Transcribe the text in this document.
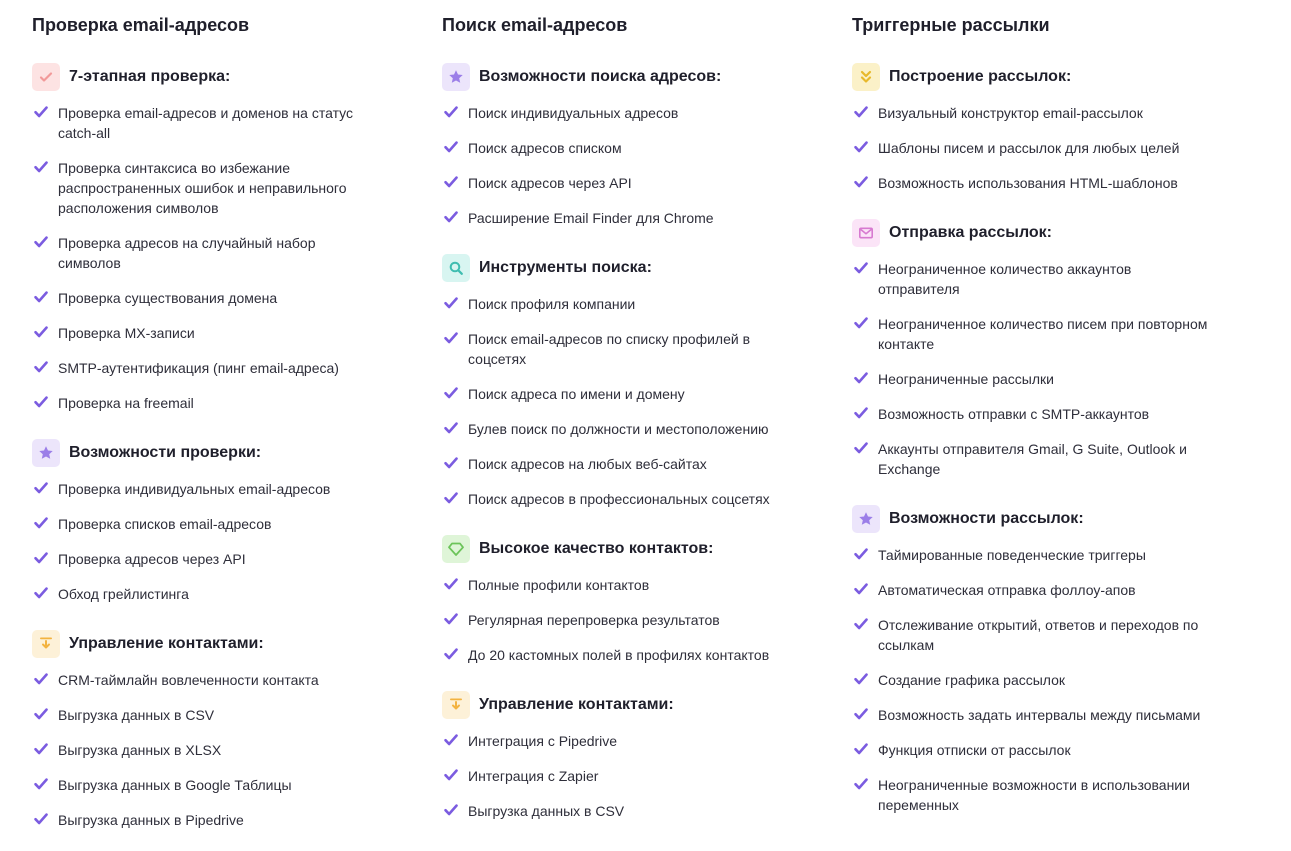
Проверка email-адресов
7-этапная проверка:
Проверка email-адресов и доменов на статус catch-all
Проверка синтаксиса во избежание распространенных ошибок и неправильного расположения символов
Проверка адресов на случайный набор символов
Проверка существования домена
Проверка MX-записи
SMTP-аутентификация (пинг email-адреса)
Проверка на freemail
Возможности проверки:
Проверка индивидуальных email-адресов
Проверка списков email-адресов
Проверка адресов через API
Обход грейлистинга
Управление контактами:
CRM-таймлайн вовлеченности контакта
Выгрузка данных в CSV
Выгрузка данных в XLSX
Выгрузка данных в Google Таблицы
Выгрузка данных в Pipedrive
Поиск email-адресов
Возможности поиска адресов:
Поиск индивидуальных адресов
Поиск адресов списком
Поиск адресов через API
Расширение Email Finder для Chrome
Инструменты поиска:
Поиск профиля компании
Поиск email-адресов по списку профилей в соцсетях
Поиск адреса по имени и домену
Булев поиск по должности и местоположению
Поиск адресов на любых веб-сайтах
Поиск адресов в профессиональных соцсетях
Высокое качество контактов:
Полные профили контактов
Регулярная перепроверка результатов
До 20 кастомных полей в профилях контактов
Управление контактами:
Интеграция с Pipedrive
Интеграция с Zapier
Выгрузка данных в CSV
Триггерные рассылки
Построение рассылок:
Визуальный конструктор email-рассылок
Шаблоны писем и рассылок для любых целей
Возможность использования HTML-шаблонов
Отправка рассылок:
Неограниченное количество аккаунтов отправителя
Неограниченное количество писем при повторном контакте
Неограниченные рассылки
Возможность отправки с SMTP-аккаунтов
Аккаунты отправителя Gmail, G Suite, Outlook и Exchange
Возможности рассылок:
Таймированные поведенческие триггеры
Автоматическая отправка фоллоу-апов
Отслеживание открытий, ответов и переходов по ссылкам
Создание графика рассылок
Возможность задать интервалы между письмами
Функция отписки от рассылок
Неограниченные возможности в использовании переменных
